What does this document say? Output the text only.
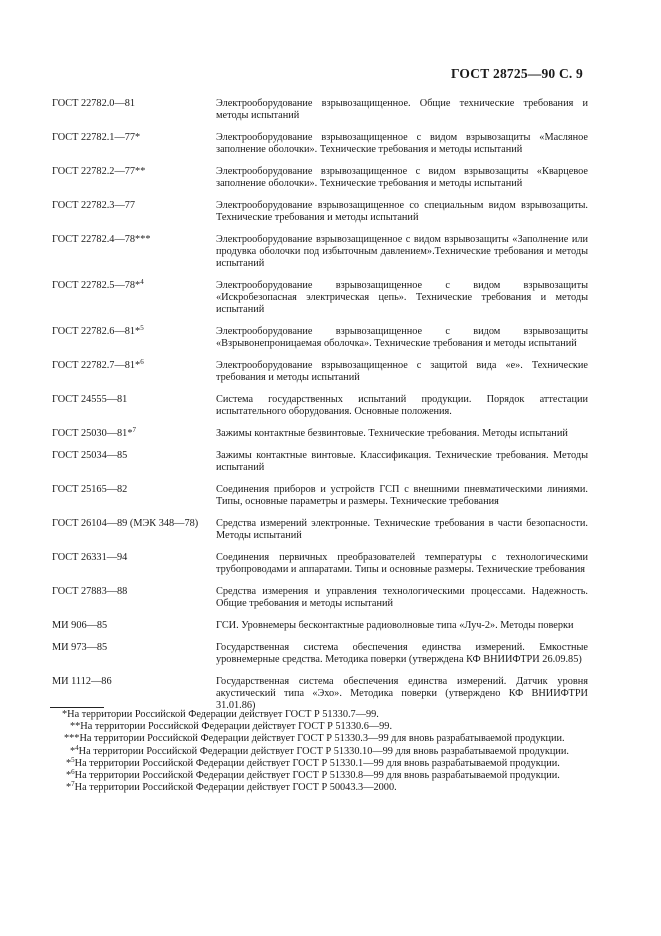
ГОСТ 28725—90 С. 9
ГОСТ 22782.0—81	Электрооборудование взрывозащищенное. Общие технические требования и методы испытаний
ГОСТ 22782.1—77*	Электрооборудование взрывозащищенное с видом взрывозащиты «Масляное заполнение оболочки». Технические требования и методы испытаний
ГОСТ 22782.2—77**	Электрооборудование взрывозащищенное с видом взрывозащиты «Кварцевое заполнение оболочки». Технические требования и методы испытаний
ГОСТ 22782.3—77	Электрооборудование взрывозащищенное со специальным видом взрывозащиты. Технические требования и методы испытаний
ГОСТ 22782.4—78***	Электрооборудование взрывозащищенное с видом взрывозащиты «Заполнение или продувка оболочки под избыточным давлением».Технические требования и методы испытаний
ГОСТ 22782.5—78*$^4$	Электрооборудование взрывозащищенное с видом взрывозащиты «Искробезопасная электрическая цепь». Технические требования и методы испытаний
ГОСТ 22782.6—81*$^5$	Электрооборудование взрывозащищенное с видом взрывозащиты «Взрывонепроницаемая оболочка». Технические требования и методы испытаний
ГОСТ 22782.7—81*$^6$	Электрооборудование взрывозащищенное с защитой вида «е». Технические требования и методы испытаний
ГОСТ 24555—81	Система государственных испытаний продукции. Порядок аттестации испытательного оборудования. Основные положения.
ГОСТ 25030—81*$^7$	Зажимы контактные безвинтовые. Технические требования. Методы испытаний
ГОСТ 25034—85	Зажимы контактные винтовые. Классификация. Технические требования. Методы испытаний
ГОСТ 25165—82	Соединения приборов и устройств ГСП с внешними пневматическими линиями. Типы, основные параметры и размеры. Технические требования
ГОСТ 26104—89 (МЭК 348—78)	Средства измерений электронные. Технические требования в части безопасности. Методы испытаний
ГОСТ 26331—94	Соединения первичных преобразователей температуры с технологическими трубопроводами и аппаратами. Типы и основные размеры. Технические требования
ГОСТ 27883—88	Средства измерения и управления технологическими процессами. Надежность. Общие требования и методы испытаний
МИ 906—85	ГСИ. Уровнемеры бесконтактные радиоволновые типа «Луч-2». Методы поверки
МИ 973—85	Государственная система обеспечения единства измерений. Емкостные уровнемерные средства. Методика поверки (утверждена КФ ВНИИФТРИ 26.09.85)
МИ 1112—86	Государственная система обеспечения единства измерений. Датчик уровня акустический типа «Эхо». Методика поверки (утверждено КФ ВНИИФТРИ 31.01.86)
*На территории Российской Федерации действует ГОСТ Р 51330.7—99.
**На территории Российской Федерации действует ГОСТ Р 51330.6—99.
***На территории Российской Федерации действует ГОСТ Р 51330.3—99 для вновь разрабатываемой продукции.
*$^4$На территории Российской Федерации действует ГОСТ Р 51330.10—99 для вновь разрабатываемой продукции.
*$^5$На территории Российской Федерации действует ГОСТ Р 51330.1—99 для вновь разрабатываемой продукции.
*$^6$На территории Российской Федерации действует ГОСТ Р 51330.8—99 для вновь разрабатываемой продукции.
*$^7$На территории Российской Федерации действует ГОСТ Р 50043.3—2000.
